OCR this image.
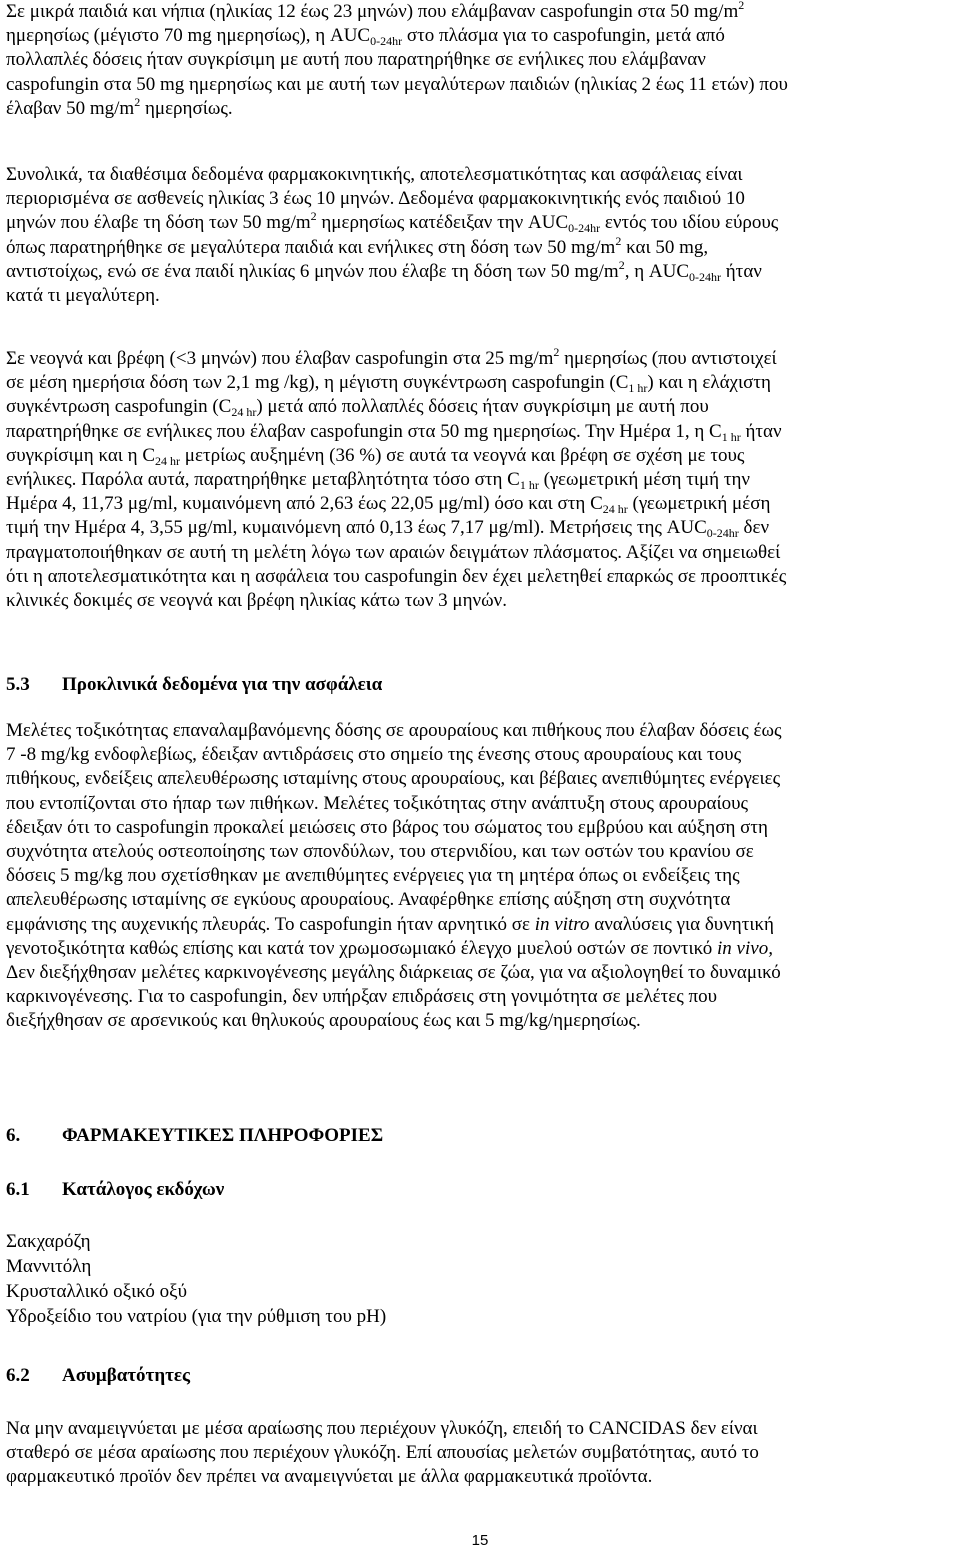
Σε μικρά παιδιά και νήπια (ηλικίας 12 έως 23 μηνών) που ελάμβαναν caspofungin στα 50 $mg/m^2$
ημερησίως (μέγιστο 70 mg ημερησίως), η $AUC_{0-24hr}$ στο πλάσμα για το caspofungin, μετά από
πολλαπλές δόσεις ήταν συγκρίσιμη με αυτή που παρατηρήθηκε σε ενήλικες που ελάμβαναν
caspofungin στα 50 mg ημερησίως και με αυτή των μεγαλύτερων παιδιών (ηλικίας 2 έως 11 ετών) που
έλαβαν 50 $mg/m^2$ ημερησίως.
Συνολικά, τα διαθέσιμα δεδομένα φαρμακοκινητικής, αποτελεσματικότητας και ασφάλειας είναι
περιορισμένα σε ασθενείς ηλικίας 3 έως 10 μηνών. Δεδομένα φαρμακοκινητικής ενός παιδιού 10
μηνών που έλαβε τη δόση των 50 $mg/m^2$ ημερησίως κατέδειξαν την $AUC_{0-24hr}$ εντός του ιδίου εύρους
όπως παρατηρήθηκε σε μεγαλύτερα παιδιά και ενήλικες στη δόση των 50 $mg/m^2$ και 50 mg,
αντιστοίχως, ενώ σε ένα παιδί ηλικίας 6 μηνών που έλαβε τη δόση των 50 $mg/m^2$, η $AUC_{0-24hr}$ ήταν
κατά τι μεγαλύτερη.
Σε νεογνά και βρέφη (<3 μηνών) που έλαβαν caspofungin στα 25 $mg/m^2$ ημερησίως (που αντιστοιχεί
σε μέση ημερήσια δόση των 2,1 mg /kg), η μέγιστη συγκέντρωση caspofungin $(C_{1 hr})$ και η ελάχιστη
συγκέντρωση caspofungin $(C_{24 hr})$ μετά από πολλαπλές δόσεις ήταν συγκρίσιμη με αυτή που
παρατηρήθηκε σε ενήλικες που έλαβαν caspofungin στα 50 mg ημερησίως. Την Ημέρα 1, η $C_{1 hr}$ ήταν
συγκρίσιμη και η $C_{24 hr}$ μετρίως αυξημένη (36 %) σε αυτά τα νεογνά και βρέφη σε σχέση με τους
ενήλικες. Παρόλα αυτά, παρατηρήθηκε μεταβλητότητα τόσο στη $C_{1 hr}$ (γεωμετρική μέση τιμή την
Ημέρα 4, 11,73 μg/ml, κυμαινόμενη από 2,63 έως 22,05 μg/ml) όσο και στη $C_{24 hr}$ (γεωμετρική μέση
τιμή την Ημέρα 4, 3,55 μg/ml, κυμαινόμενη από 0,13 έως 7,17 μg/ml). Μετρήσεις της $AUC_{0-24hr}$ δεν
πραγματοποιήθηκαν σε αυτή τη μελέτη λόγω των αραιών δειγμάτων πλάσματος. Αξίζει να σημειωθεί
ότι η αποτελεσματικότητα και η ασφάλεια του caspofungin δεν έχει μελετηθεί επαρκώς σε προοπτικές
κλινικές δοκιμές σε νεογνά και βρέφη ηλικίας κάτω των 3 μηνών.
Μελέτες τοξικότητας επαναλαμβανόμενης δόσης σε αρουραίους και πιθήκους που έλαβαν δόσεις έως
7 -8 mg/kg ενδοφλεβίως, έδειξαν αντιδράσεις στο σημείο της ένεσης στους αρουραίους και τους
πιθήκους, ενδείξεις απελευθέρωσης ισταμίνης στους αρουραίους, και βέβαιες ανεπιθύμητες ενέργειες
που εντοπίζονται στο ήπαρ των πιθήκων. Μελέτες τοξικότητας στην ανάπτυξη στους αρουραίους
έδειξαν ότι το caspofungin προκαλεί μειώσεις στο βάρος του σώματος του εμβρύου και αύξηση στη
συχνότητα ατελούς οστεοποίησης των σπονδύλων, του στερνιδίου, και των οστών του κρανίου σε
δόσεις 5 mg/kg που σχετίσθηκαν με ανεπιθύμητες ενέργειες για τη μητέρα όπως οι ενδείξεις της
απελευθέρωσης ισταμίνης σε εγκύους αρουραίους. Αναφέρθηκε επίσης αύξηση στη συχνότητα
εμφάνισης της αυχενικής πλευράς. Το caspofungin ήταν αρνητικό σε in vitro αναλύσεις για δυνητική
γενοτοξικότητα καθώς επίσης και κατά τον χρωμοσωμιακό έλεγχο μυελού οστών σε ποντικό in vivo,
Δεν διεξήχθησαν μελέτες καρκινογένεσης μεγάλης διάρκειας σε ζώα, για να αξιολογηθεί το δυναμικό
καρκινογένεσης. Για το caspofungin, δεν υπήρξαν επιδράσεις στη γονιμότητα σε μελέτες που
διεξήχθησαν σε αρσενικούς και θηλυκούς αρουραίους έως και 5 mg/kg/ημερησίως.
Να μην αναμειγνύεται με μέσα αραίωσης που περιέχουν γλυκόζη, επειδή το CANCIDAS δεν είναι
σταθερό σε μέσα αραίωσης που περιέχουν γλυκόζη. Επί απουσίας μελετών συμβατότητας, αυτό το
φαρμακευτικό προϊόν δεν πρέπει να αναμειγνύεται με άλλα φαρμακευτικά προϊόντα.
5.3 Προκλινικά δεδομένα για την ασφάλεια
6. ΦΑΡΜΑΚΕΥΤΙΚΕΣ ΠΛΗΡΟΦΟΡΙΕΣ
6.1 Κατάλογος εκδόχων
Σακχαρόζη
Μαννιτόλη
Κρυσταλλικό οξικό οξύ
Υδροξείδιο του νατρίου (για την ρύθμιση του pH)
6.2 Ασυμβατότητες
15
